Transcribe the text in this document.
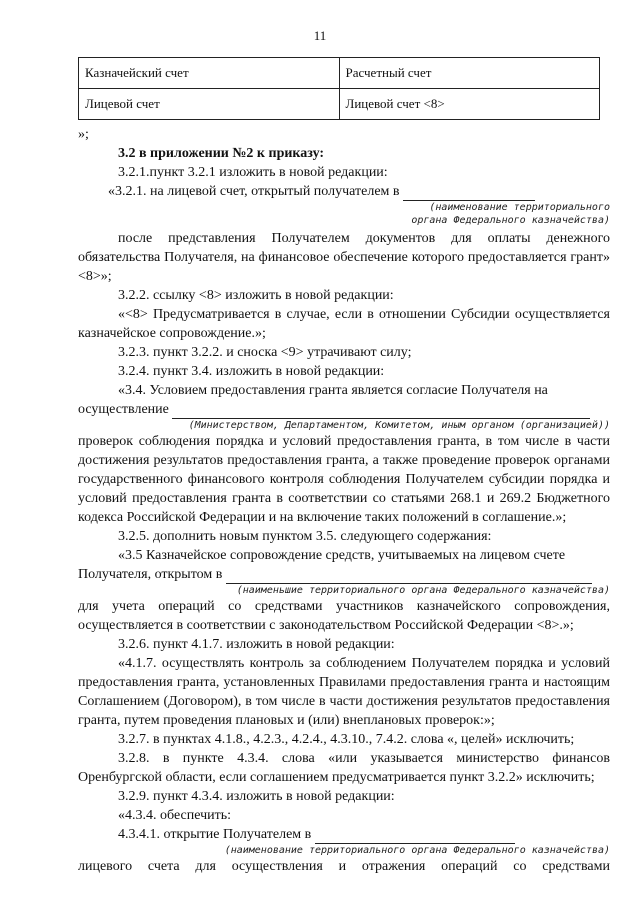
11
Казначейский счет	Расчетный счет
Лицевой счет	Лицевой счет <8>

»;

3.2 в приложении №2 к приказу:

3.2.1.пункт 3.2.1 изложить в новой редакции:

«3.2.1. на лицевой счет, открытый получателем в

(наименование территориального

органа Федерального казначейства)

после представления Получателем документов для оплаты денежного обязательства Получателя, на финансовое обеспечение которого предоставляется грант» <8>»;

3.2.2. ссылку <8> изложить в новой редакции:

«<8> Предусматривается в случае, если в отношении Субсидии осуществляется казначейское сопровождение.»;

3.2.3. пункт 3.2.2. и сноска <9> утрачивают силу;

3.2.4. пункт 3.4. изложить в новой редакции:

«3.4. Условием предоставления гранта является согласие Получателя на

осуществление

(Министерством, Департаментом, Комитетом, иным органом (организацией))

проверок соблюдения порядка и условий предоставления гранта, в том числе в части достижения результатов предоставления гранта, а также проведение проверок органами государственного финансового контроля соблюдения Получателем субсидии порядка и условий предоставления гранта в соответствии со статьями 268.1 и 269.2 Бюджетного кодекса Российской Федерации и на включение таких положений в соглашение.»;

3.2.5. дополнить новым пунктом 3.5. следующего содержания:

«3.5 Казначейское сопровождение средств, учитываемых на лицевом счете

Получателя, открытом в

(наименьшие территориального органа Федерального казначейства)

для учета операций со средствами участников казначейского сопровождения, осуществляется в соответствии с законодательством Российской Федерации <8>.»;

3.2.6. пункт 4.1.7. изложить в новой редакции:

«4.1.7. осуществлять контроль за соблюдением Получателем порядка и условий предоставления гранта, установленных Правилами предоставления гранта и настоящим Соглашением (Договором), в том числе в части достижения результатов предоставления гранта, путем проведения плановых и (или) внеплановых проверок:»;

3.2.7. в пунктах 4.1.8., 4.2.3., 4.2.4., 4.3.10., 7.4.2. слова «, целей» исключить;

3.2.8. в пункте 4.3.4. слова «или указывается министерство финансов Оренбургской области, если соглашением предусматривается пункт 3.2.2» исключить;

3.2.9. пункт 4.3.4. изложить в новой редакции:

«4.3.4. обеспечить:

4.3.4.1. открытие Получателем в

(наименование территориального органа Федерального казначейства)

лицевого счета для осуществления и отражения операций со средствами
